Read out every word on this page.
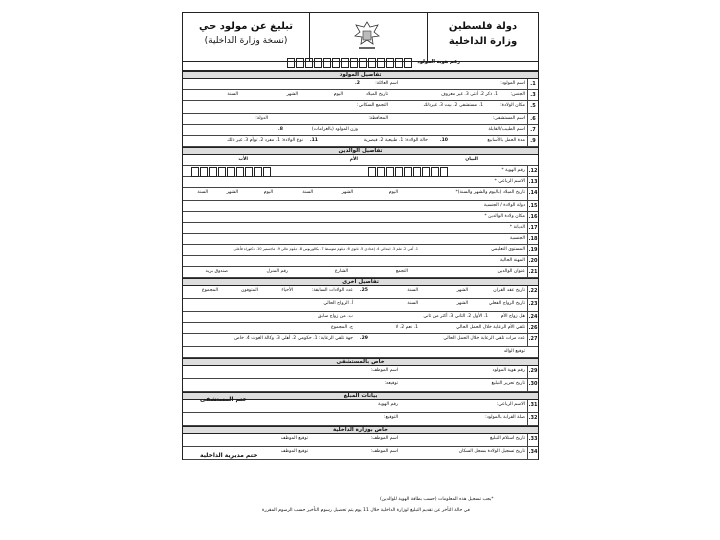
تبليغ عن مولود حي
(نسخة وزارة الداخلية)
دولة فلسطين
وزارة الداخلية
رقم هوية المولود
تفاصيل المولود
1.
اسم المولود:
اسم العائلة:
2.
3.
الجنس:
1. ذكر 2. أنثى 3. غير معروف
تاريخ الميلاد
اليوم
الشهر
السنة
5.
مكان الولادة:
1. مستشفى 2. بيت 3. غيرذلك
التجمع السكاني:
6.
اسم المستشفى:
المحافظة:
الدولة:
7.
اسم الطبيب/القابلة
وزن المولود (بالغرامات)
8.
9.
مدة الحمل بالأسابيع
10.
حالة الولادة: 1. طبيعية 2. قيصرية
11.
نوع الولادة: 1. مفرد 2. توأم 3. غير ذلك
تفاصيل الوالدين
البيان
الأم
الأب
12.
رقم الهوية *
13.
الاسم الرباعي *
14.
تاريخ الميلاد (باليوم والشهر والسنة)*
اليوم
الشهر
السنة
اليوم
الشهر
السنة
15.
دولة الولادة / الجنسية
16.
مكان ولادة الوالدين *
17.
الديانة *
18.
الجنسية
19.
المستوى التعليمي
1. أمي 2. ملم 3. ابتدائي 4. إعدادي 5. ثانوي 6. دبلوم متوسط 7. بكالوريوس 8. دبلوم عالي 9. ماجستير 10. دكتوراه فأعلى
20.
المهنة الحالية
21.
عنوان الوالدين
التجمع
الشارع
رقم المنزل
صندوق بريد
تفاصيل أخرى
22.
تاريخ عقد القران
الشهر
السنة
25.
عدد الولادات السابقة:
الأحياء
المتوفون
المجموع
23.
تاريخ الزواج الفعلي
الشهر
السنة
أ. الزواج الحالي
24.
هل زواج الأم
1. الأول 2. الثاني 3. أكثر من ثاني
ب. من زواج سابق
26.
تلقي الأم الرعاية خلال الحمل الحالي
1. نعم 2. لا
ج. المجموع
27.
عدد مرات تلقي الرعاية خلال الحمل الحالي
29.
جهة تلقي الرعاية: 1. حكومي 2. أهلي 3. وكالة الغوث 4. خاص
توقيع الوالد
خاص بالمستشفى
29.
رقم هوية المولود
اسم الموظف:
30.
تاريخ تحرير التبليغ
توقيعه:
بيانات المبلغ
31.
الاسم الرباعي:
رقم الهوية
32.
صلة القرابة بالمولود:
التوقيع:
خاص بوزارة الداخلية
33.
تاريخ استلام التبليغ
اسم الموظف:
توقيع الموظف
34.
تاريخ تسجيل الولادة بسجل السكان
اسم الموظف:
توقيع الموظف
ختم المستشفى
ختم مديرية الداخلية
*يجب تسجيل هذه المعلومات (حسب بطاقة الهوية للوالدين)
في حالة التأخر عن تقديم التبليغ لوزارة الداخلية خلال 11 يوم يتم تحصيل رسوم التأخير حسب الرسوم المقررة
